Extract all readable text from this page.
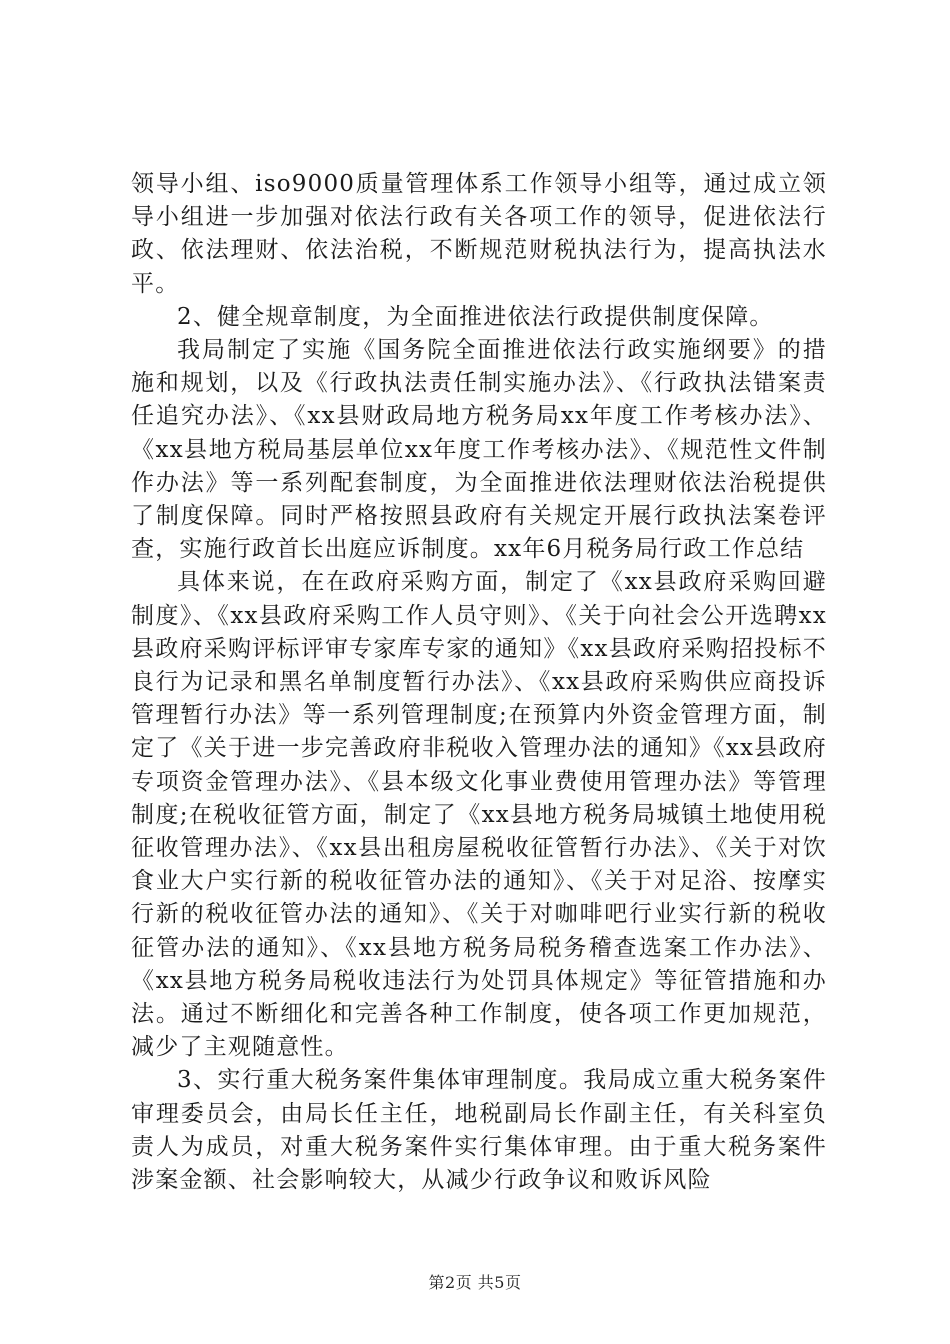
领导小组、iso9000质量管理体系工作领导小组等，通过成立领导小组进一步加强对依法行政有关各项工作的领导，促进依法行政、依法理财、依法治税，不断规范财税执法行为，提高执法水平。

2、健全规章制度，为全面推进依法行政提供制度保障。

我局制定了实施《国务院全面推进依法行政实施纲要》的措施和规划，以及《行政执法责任制实施办法》、《行政执法错案责任追究办法》、《xx县财政局地方税务局xx年度工作考核办法》、《xx县地方税局基层单位xx年度工作考核办法》、《规范性文件制作办法》等一系列配套制度，为全面推进依法理财依法治税提供了制度保障。同时严格按照县政府有关规定开展行政执法案卷评查，实施行政首长出庭应诉制度。xx年6月税务局行政工作总结

具体来说，在在政府采购方面，制定了《xx县政府采购回避制度》、《xx县政府采购工作人员守则》、《关于向社会公开选聘xx县政府采购评标评审专家库专家的通知》《xx县政府采购招投标不良行为记录和黑名单制度暂行办法》、《xx县政府采购供应商投诉管理暂行办法》等一系列管理制度;在预算内外资金管理方面，制定了《关于进一步完善政府非税收入管理办法的通知》《xx县政府专项资金管理办法》、《县本级文化事业费使用管理办法》等管理制度;在税收征管方面，制定了《xx县地方税务局城镇土地使用税征收管理办法》、《xx县出租房屋税收征管暂行办法》、《关于对饮食业大户实行新的税收征管办法的通知》、《关于对足浴、按摩实行新的税收征管办法的通知》、《关于对咖啡吧行业实行新的税收征管办法的通知》、《xx县地方税务局税务稽查选案工作办法》、《xx县地方税务局税收违法行为处罚具体规定》等征管措施和办法。通过不断细化和完善各种工作制度，使各项工作更加规范，减少了主观随意性。

3、实行重大税务案件集体审理制度。我局成立重大税务案件审理委员会，由局长任主任，地税副局长作副主任，有关科室负责人为成员，对重大税务案件实行集体审理。由于重大税务案件涉案金额、社会影响较大，从减少行政争议和败诉风险

第2页 共5页
